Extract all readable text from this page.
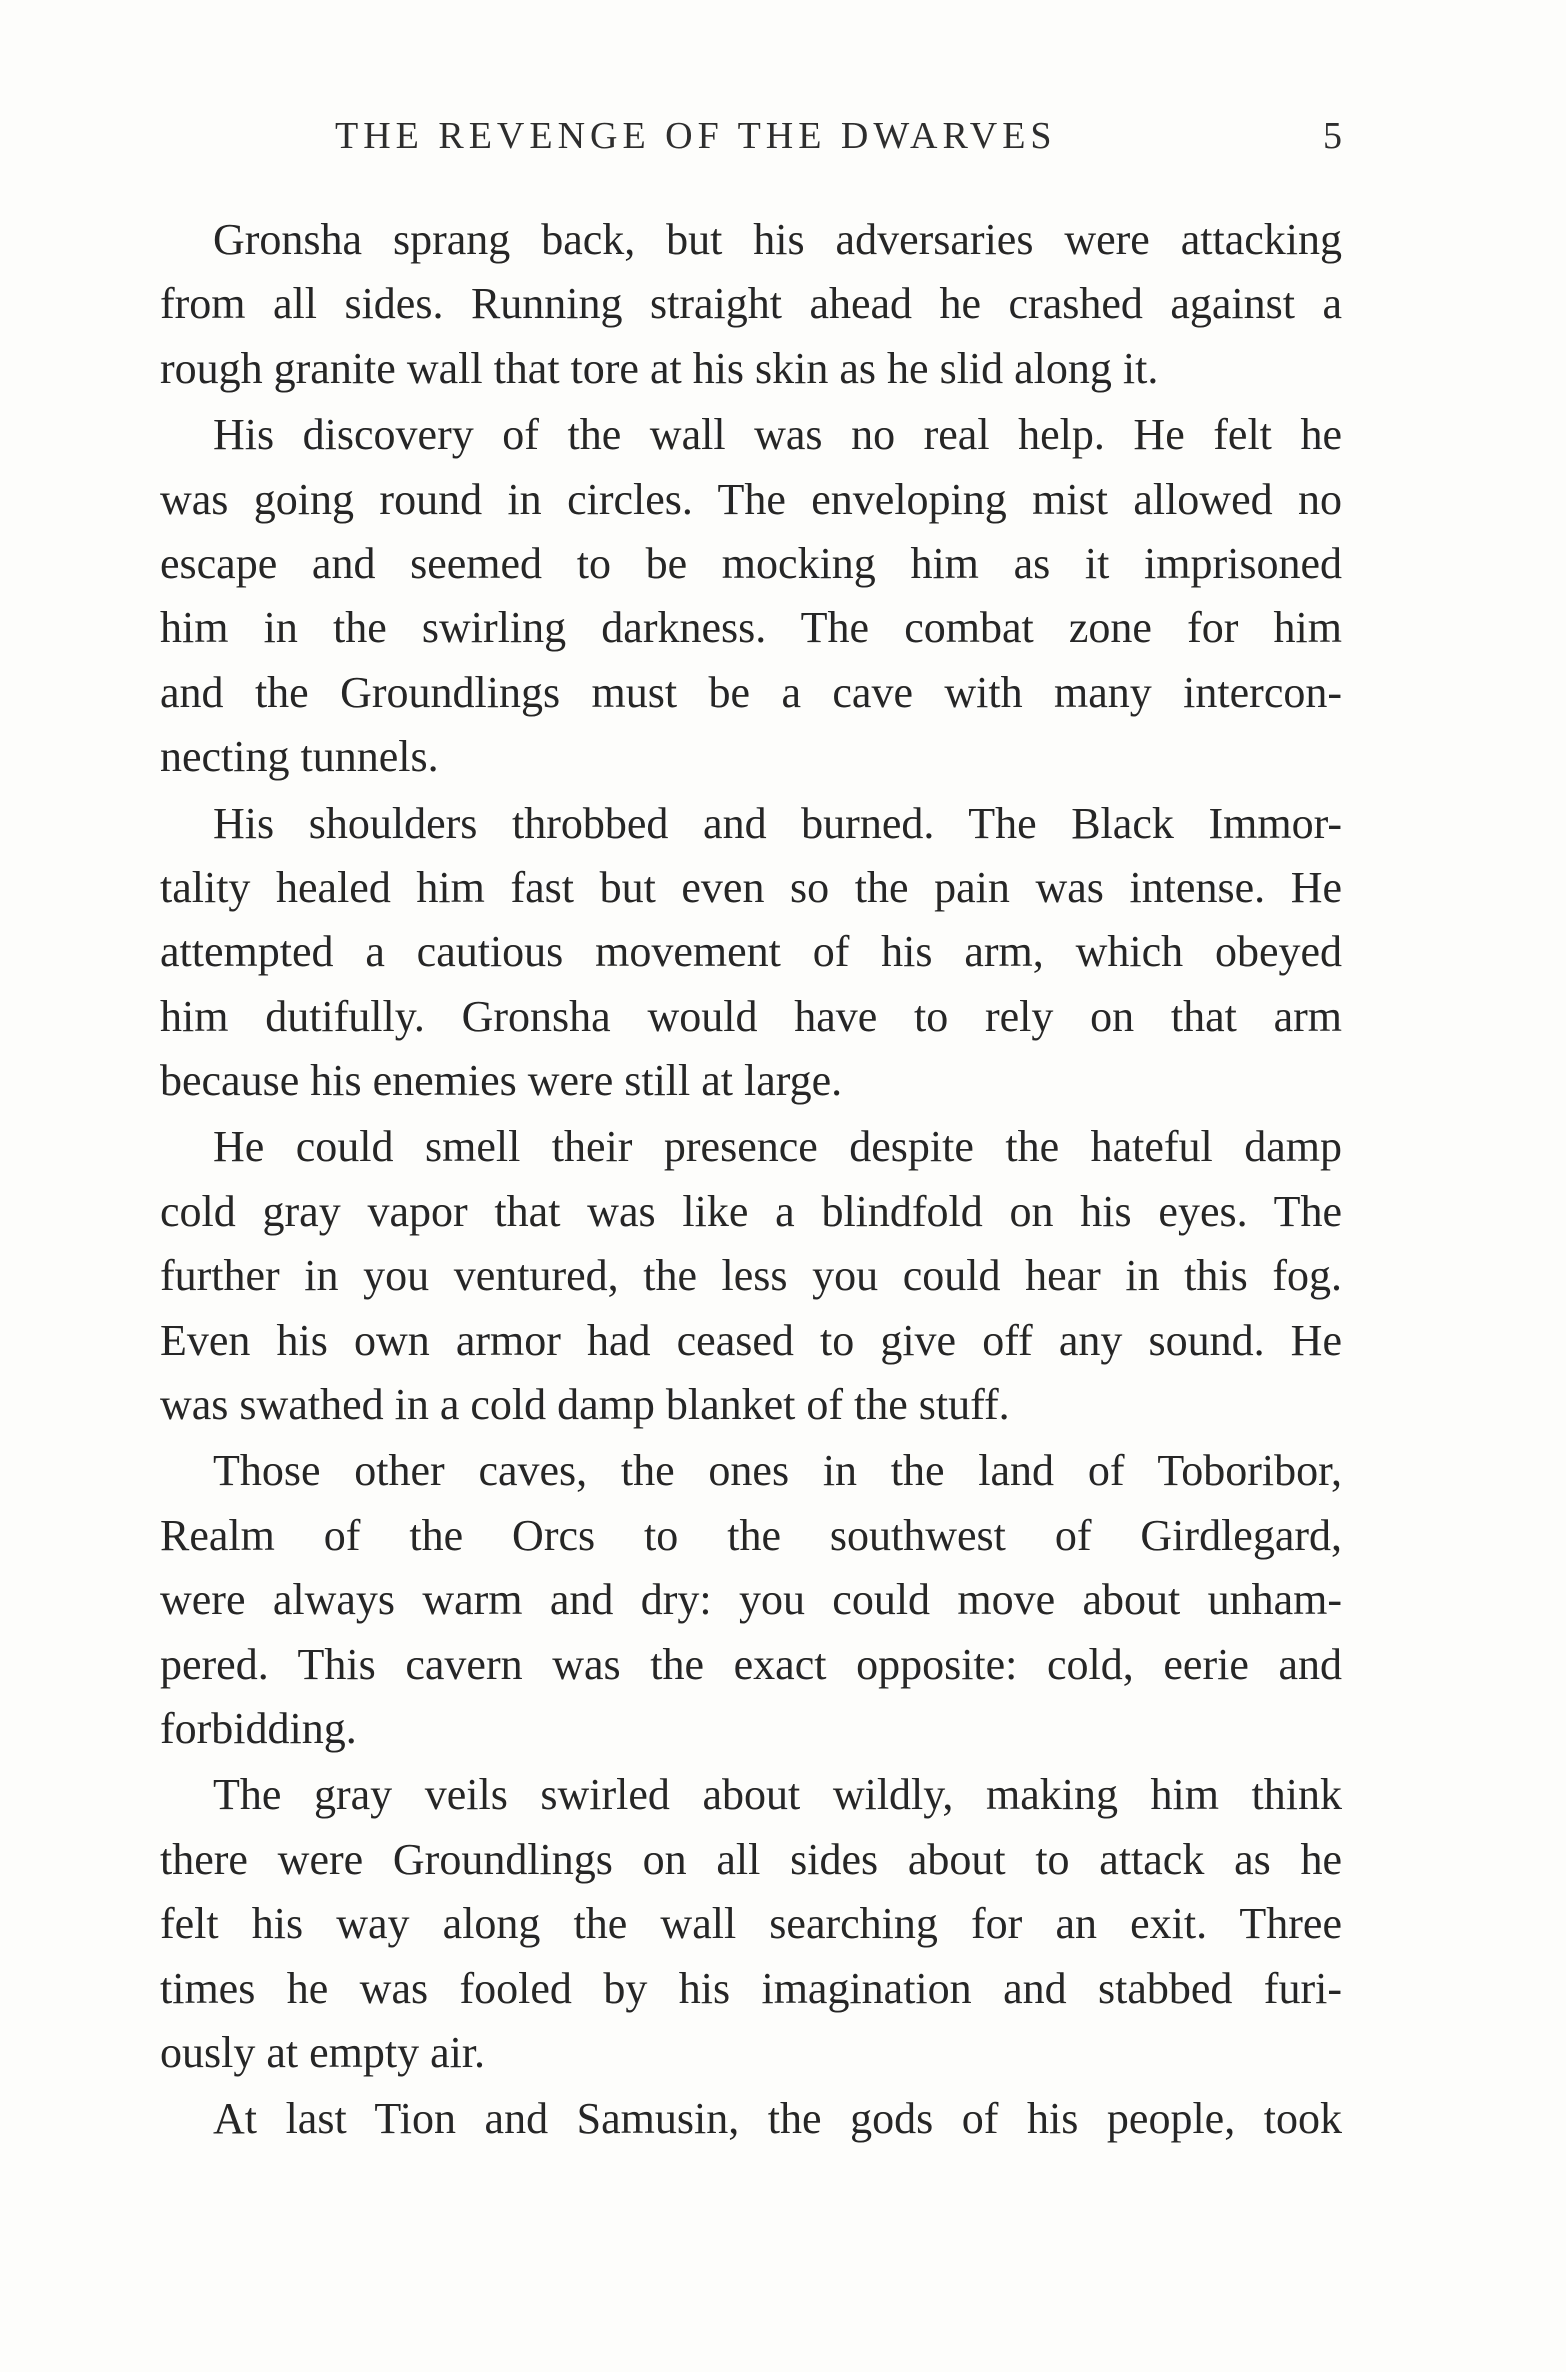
THE REVENGE OF THE DWARVES	5
Gronsha sprang back, but his adversaries were attacking
from all sides. Running straight ahead he crashed against a
rough granite wall that tore at his skin as he slid along it.
His discovery of the wall was no real help. He felt he
was going round in circles. The enveloping mist allowed no
escape and seemed to be mocking him as it imprisoned
him in the swirling darkness. The combat zone for him
and the Groundlings must be a cave with many intercon-
necting tunnels.
His shoulders throbbed and burned. The Black Immor-
tality healed him fast but even so the pain was intense. He
attempted a cautious movement of his arm, which obeyed
him dutifully. Gronsha would have to rely on that arm
because his enemies were still at large.
He could smell their presence despite the hateful damp
cold gray vapor that was like a blindfold on his eyes. The
further in you ventured, the less you could hear in this fog.
Even his own armor had ceased to give off any sound. He
was swathed in a cold damp blanket of the stuff.
Those other caves, the ones in the land of Toboribor,
Realm of the Orcs to the southwest of Girdlegard,
were always warm and dry: you could move about unham-
pered. This cavern was the exact opposite: cold, eerie and
forbidding.
The gray veils swirled about wildly, making him think
there were Groundlings on all sides about to attack as he
felt his way along the wall searching for an exit. Three
times he was fooled by his imagination and stabbed furi-
ously at empty air.
At last Tion and Samusin, the gods of his people, took
